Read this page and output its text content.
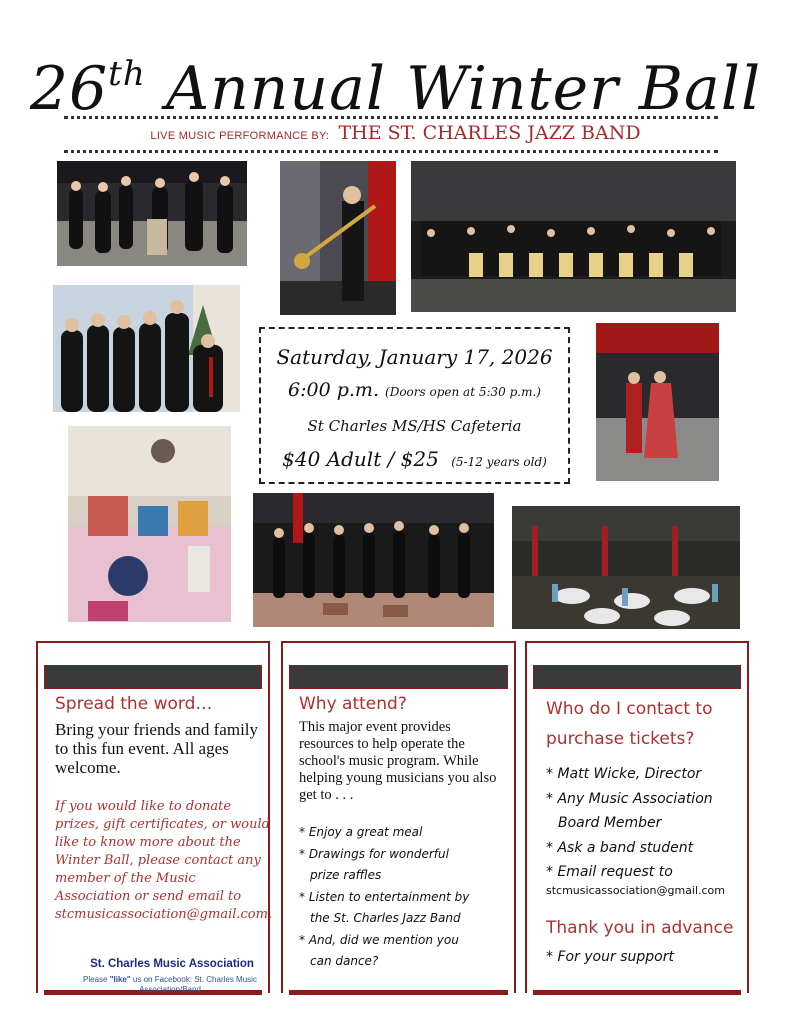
26th Annual Winter Ball
LIVE MUSIC PERFORMANCE BY: THE ST. CHARLES JAZZ BAND
Saturday, January 17, 2026
6:00 p.m. (Doors open at 5:30 p.m.)
St Charles MS/HS Cafeteria
$40 Adult / $25 (5-12 years old)
Spread the word…
Bring your friends and family to this fun event. All ages welcome.
If you would like to donate prizes, gift certificates, or would like to know more about the Winter Ball, please contact any member of the Music Association or send email to stcmusicassociation@gmail.com.
Why attend?
This major event provides resources to help operate the school's music program. While helping young musicians you also get to . . .
* Enjoy a great meal
* Drawings for wonderful
prize raffles
* Listen to entertainment by
the St. Charles Jazz Band
* And, did we mention you
can dance?
Who do I contact to
purchase tickets?
* Matt Wicke, Director
* Any Music Association
Board Member
* Ask a band student
* Email request to
stcmusicassociation@gmail.com
Thank you in advance
* For your support
St. Charles Music Association
Please "like" us on Facebook: St. Charles Music Association/Band
